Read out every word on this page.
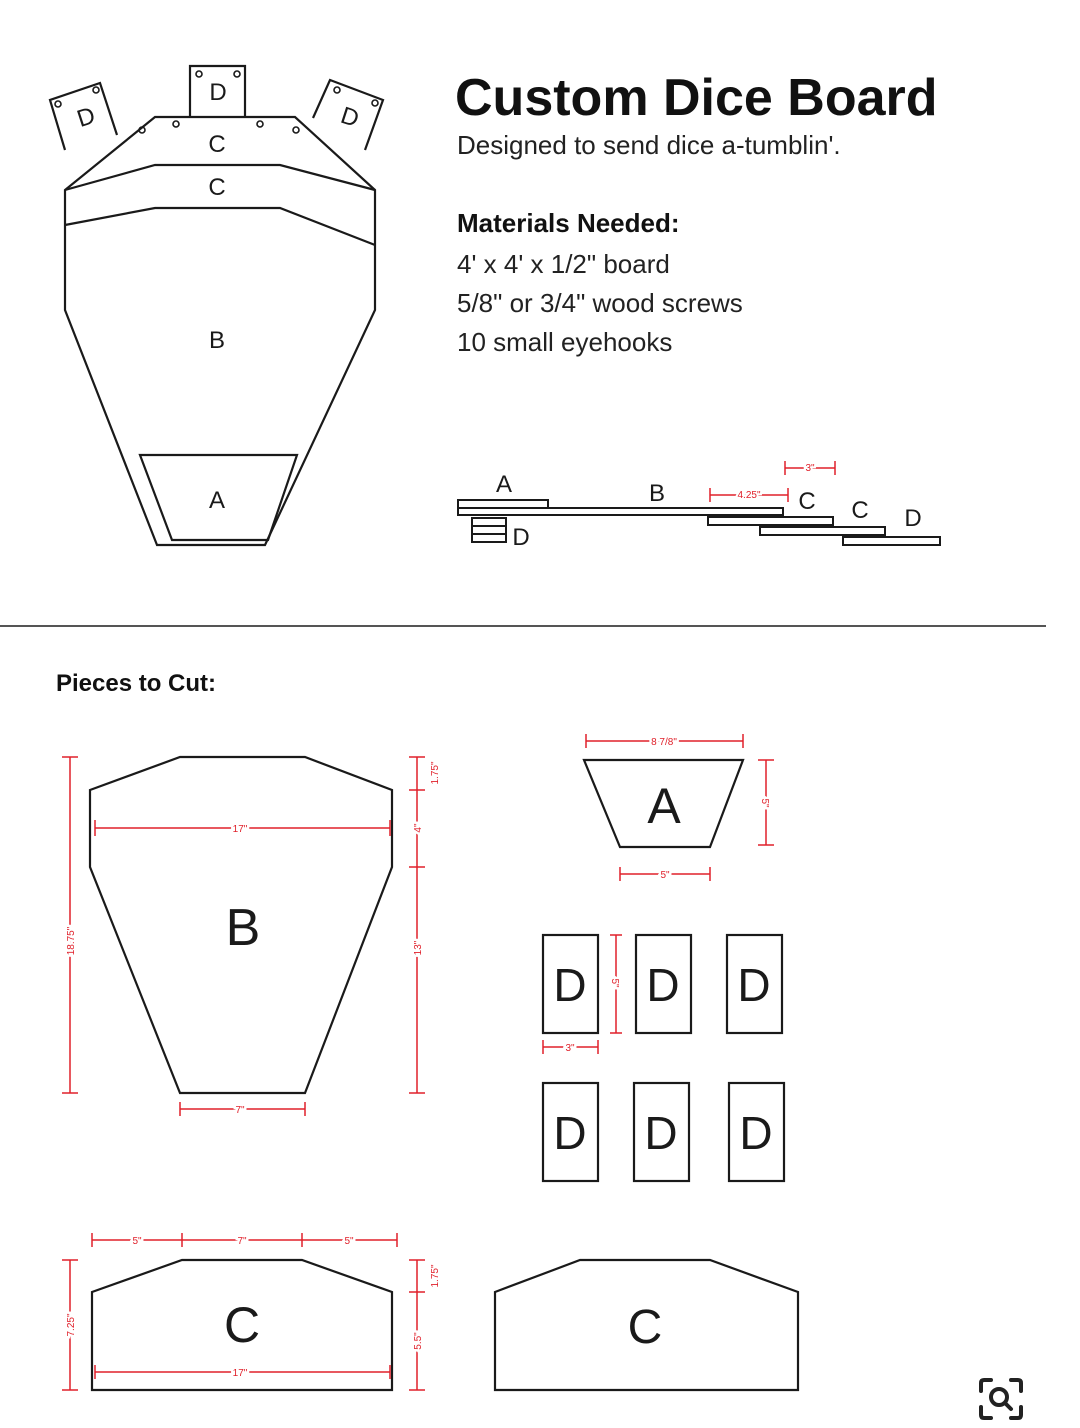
D
D
D
C
C
B
A
Custom Dice Board
Designed to send dice a-tumblin'.
Materials Needed:
4' x 4' x 1/2" board
5/8" or 3/4" wood screws
10 small eyehooks
4.25"
3"
A	B	C C D
D
Pieces to Cut:
17"
7"
18.75"
1.75"
4"
13"
B
8 7/8"
5"
5"
A
5"
3"
D D D
D D D
5"	7"	5"
17"
7.25"
1.75"
5.5"
C	C
